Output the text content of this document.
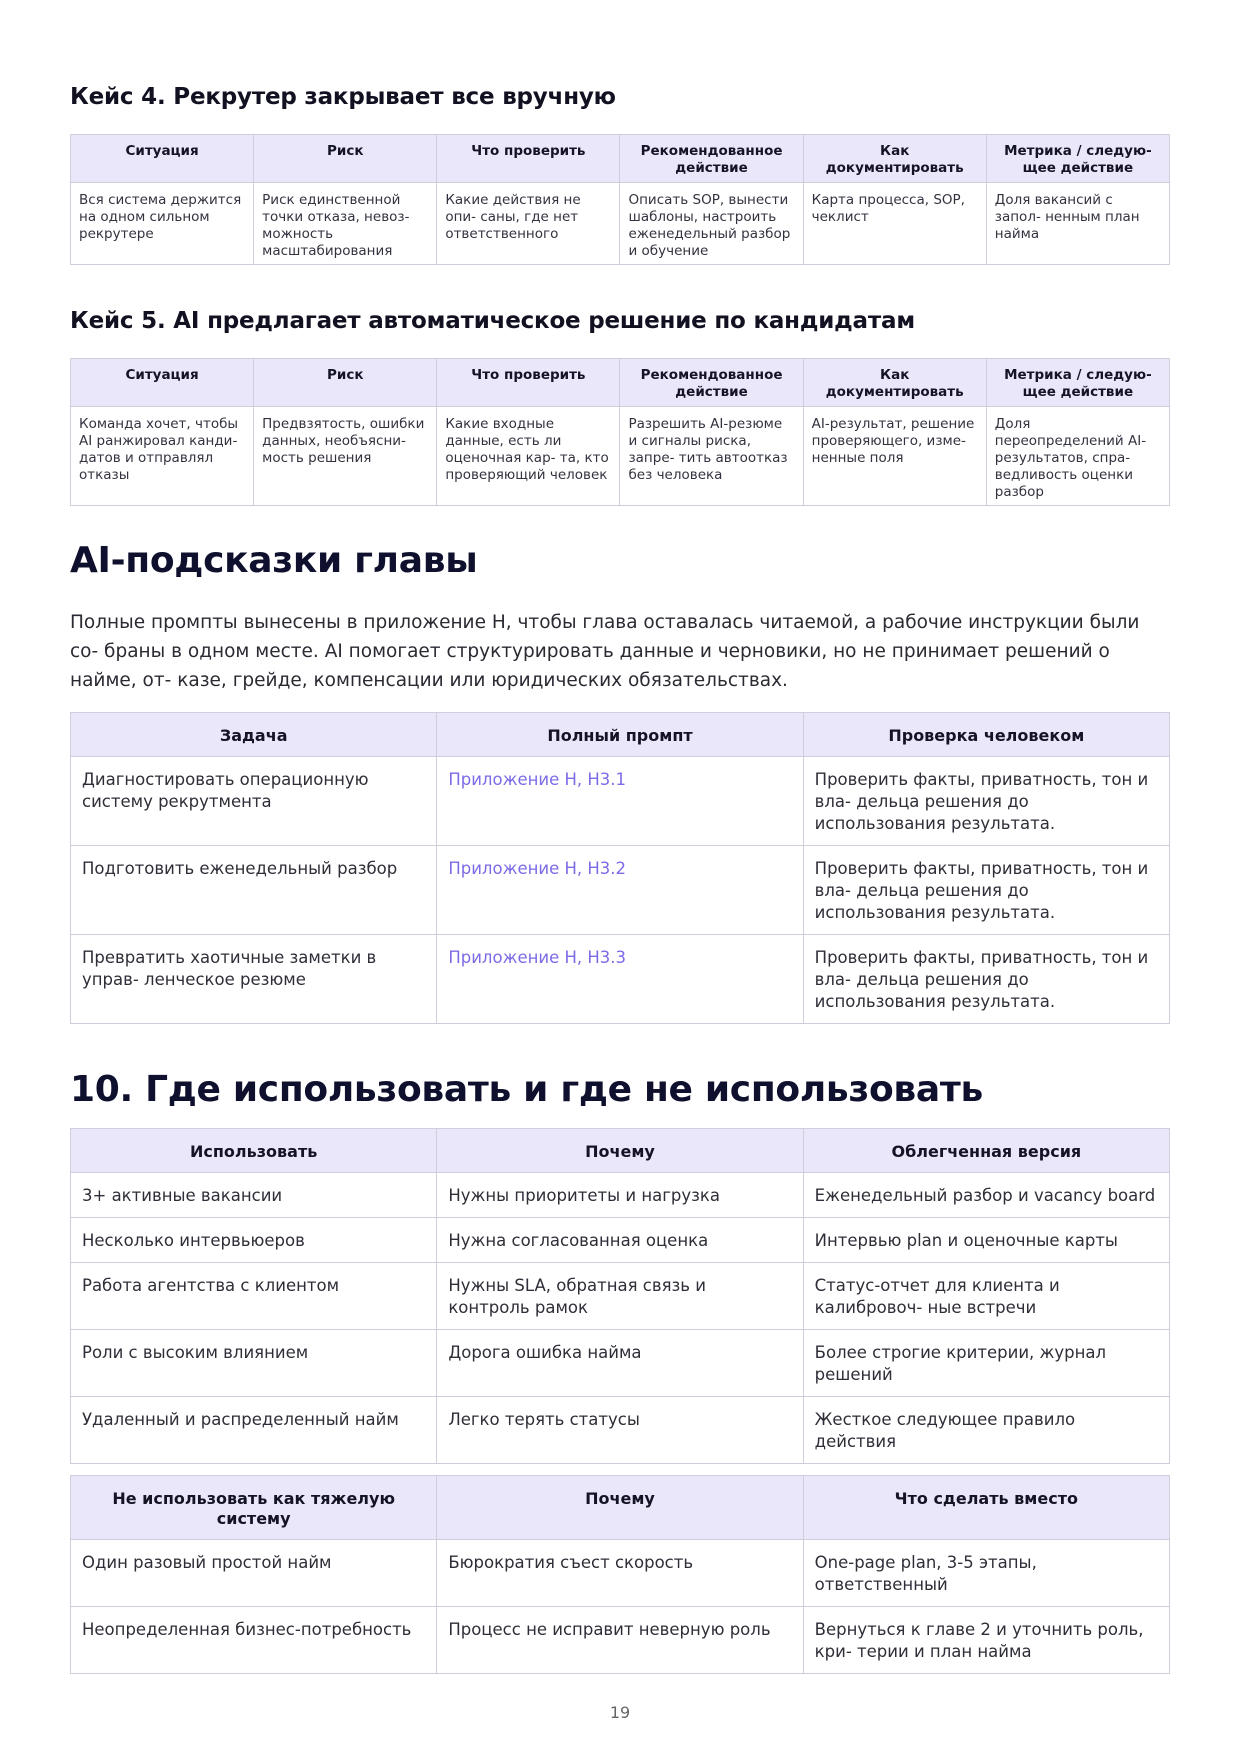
Кейс 4. Рекрутер закрывает все вручную
Ситуация	Риск	Что проверить	Рекомендованное действие	Как документировать	Метрика / следую- щее действие
Вся система держится на одном сильном рекрутере	Риск единственной точки отказа, невоз- можность масштабирования	Какие действия не опи- саны, где нет ответственного	Описать SOP, вынести шаблоны, настроить еженедельный разбор и обучение	Карта процесса, SOP, чеклист	Доля вакансий с запол- ненным план найма
Кейс 5. AI предлагает автоматическое решение по кандидатам
Ситуация	Риск	Что проверить	Рекомендованное действие	Как документировать	Метрика / следую- щее действие
Команда хочет, чтобы AI ранжировал канди- датов и отправлял отказы	Предвзятость, ошибки данных, необъясни- мость решения	Какие входные данные, есть ли оценочная кар- та, кто проверяющий человек	Разрешить AI-резюме и сигналы риска, запре- тить автоотказ без человека	AI-результат, решение проверяющего, изме- ненные поля	Доля переопределений AI-результатов, спра- ведливость оценки разбор
AI-подсказки главы

Полные промпты вынесены в приложение H, чтобы глава оставалась читаемой, а рабочие инструкции были со- браны в одном месте. AI помогает структурировать данные и черновики, но не принимает решений о найме, от- казе, грейде, компенсации или юридических обязательствах.

Задача	Полный промпт	Проверка человеком
Диагностировать операционную систему рекрутмента	Приложение H, H3.1	Проверить факты, приватность, тон и вла- дельца решения до использования результата.
Подготовить еженедельный разбор	Приложение H, H3.2	Проверить факты, приватность, тон и вла- дельца решения до использования результата.
Превратить хаотичные заметки в управ- ленческое резюме	Приложение H, H3.3	Проверить факты, приватность, тон и вла- дельца решения до использования результата.
10. Где использовать и где не использовать
Использовать	Почему	Облегченная версия
3+ активные вакансии	Нужны приоритеты и нагрузка	Еженедельный разбор и vacancy board
Несколько интервьюеров	Нужна согласованная оценка	Интервью plan и оценочные карты
Работа агентства с клиентом	Нужны SLA, обратная связь и контроль рамок	Статус-отчет для клиента и калибровоч- ные встречи
Роли с высоким влиянием	Дорога ошибка найма	Более строгие критерии, журнал решений
Удаленный и распределенный найм	Легко терять статусы	Жесткое следующее правило действия
Не использовать как тяжелую систему	Почему	Что сделать вместо
Один разовый простой найм	Бюрократия съест скорость	One-page plan, 3-5 этапы, ответственный
Неопределенная бизнес-потребность	Процесс не исправит неверную роль	Вернуться к главе 2 и уточнить роль, кри- терии и план найма
19
